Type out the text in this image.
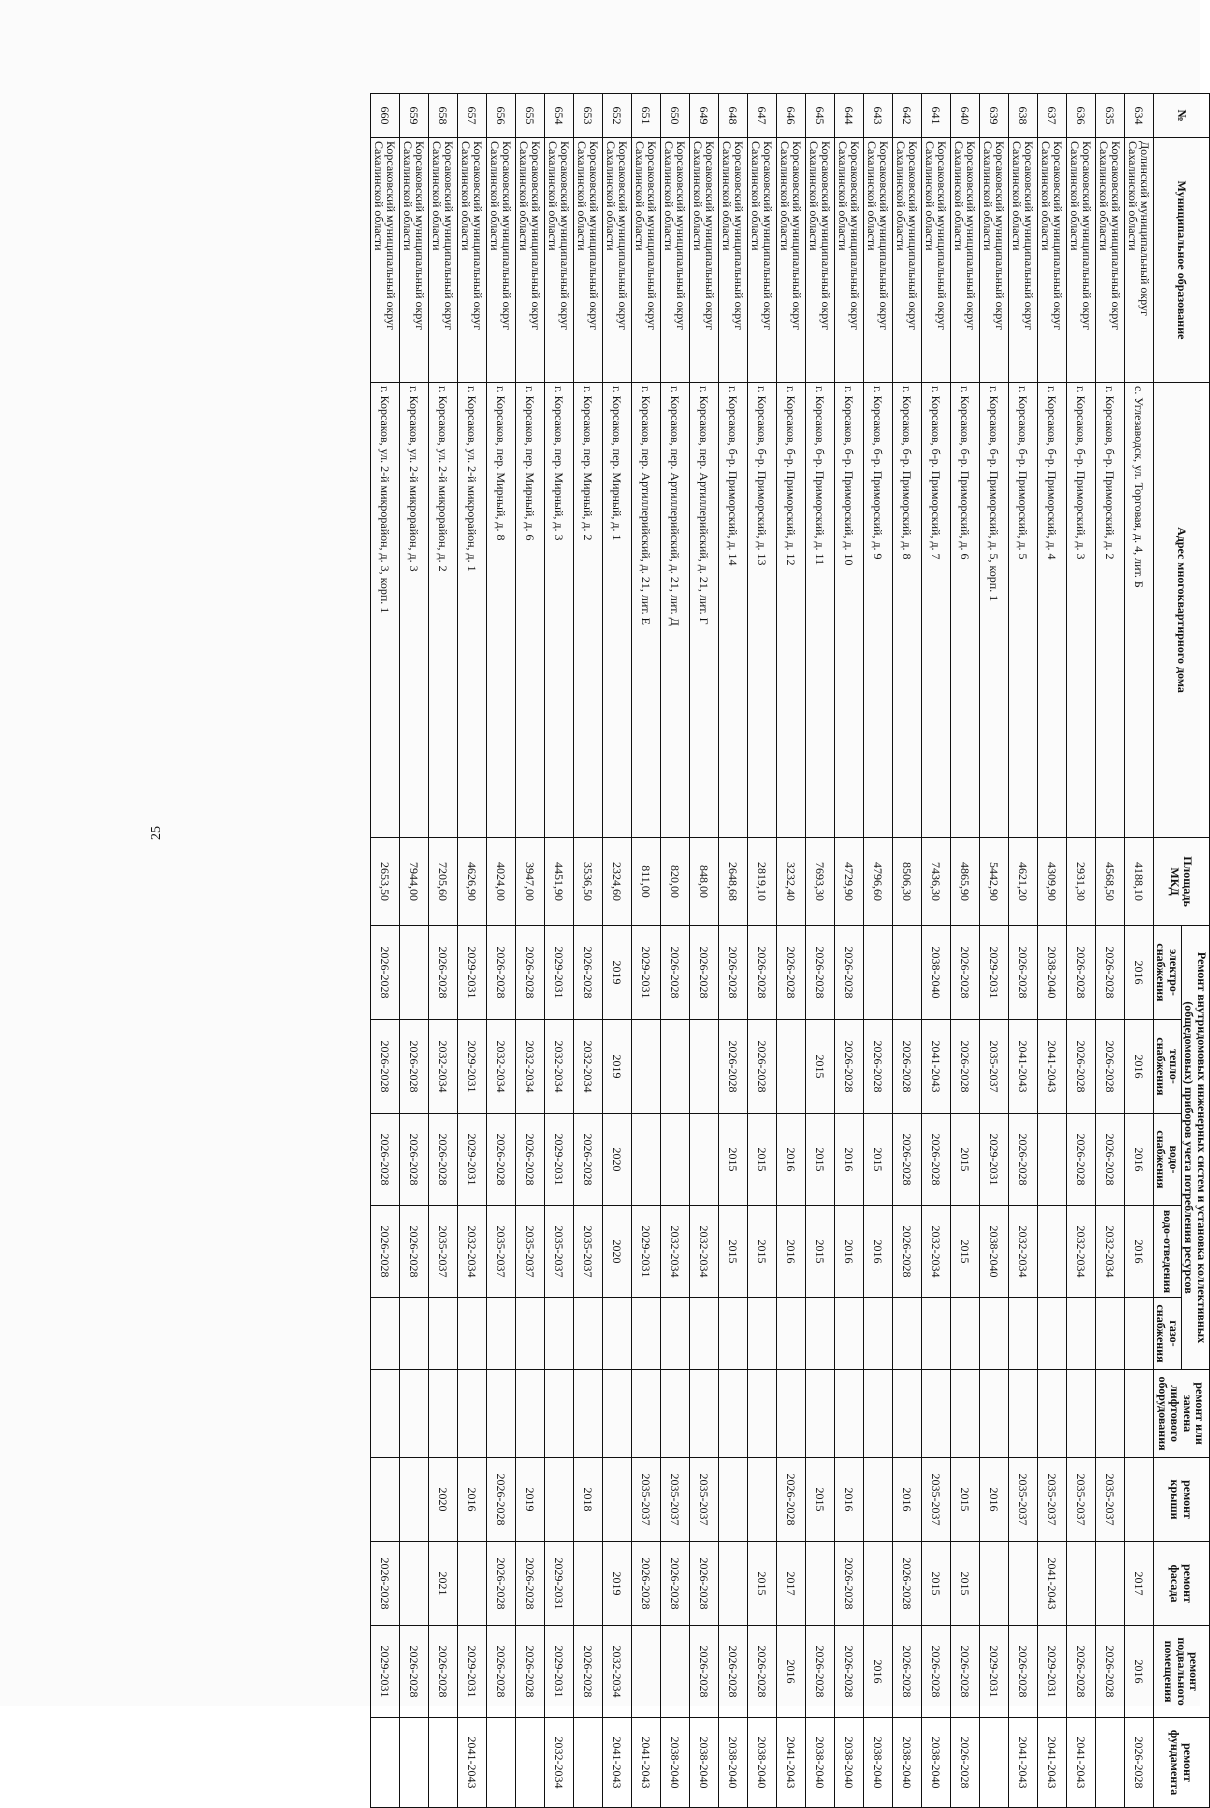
25
№	Муниципальное образование	Адрес многоквартирного дома	Площадь МКД	Ремонт внутридомовых инженерных систем и установка коллективных (общедомовых) приборов учета потребления ресурсов					ремонт или замена лифтового оборудования	ремонт крыши	ремонт фасада	ремонт подвального помещения	ремонт фундамента
				электро-снабжения	тепло-снабжения	водо-снабжения	водо-отведения	газо-снабжения					
634	Долинский муниципальный округ Сахалинской области	с. Углезаводск, ул. Торговая, д. 4, лит. Б	4188,10	2016	2016	2016	2016				2017	2016	2026-2028
635	Корсаковский муниципальный округ Сахалинской области	г. Корсаков, б-р. Приморский, д. 2	4568,50	2026-2028	2026-2028	2026-2028	2032-2034			2035-2037		2026-2028	
636	Корсаковский муниципальный округ Сахалинской области	г. Корсаков, б-р. Приморский, д. 3	2931,30	2026-2028	2026-2028	2026-2028	2032-2034			2035-2037		2026-2028	2041-2043
637	Корсаковский муниципальный округ Сахалинской области	г. Корсаков, б-р. Приморский, д. 4	4309,90	2038-2040	2041-2043					2035-2037	2041-2043	2029-2031	2041-2043
638	Корсаковский муниципальный округ Сахалинской области	г. Корсаков, б-р. Приморский, д. 5	4621,20	2026-2028	2041-2043	2026-2028	2032-2034			2035-2037		2026-2028	2041-2043
639	Корсаковский муниципальный округ Сахалинской области	г. Корсаков, б-р. Приморский, д. 5, корп. 1	5442,90	2029-2031	2035-2037	2029-2031	2038-2040			2016		2029-2031	
640	Корсаковский муниципальный округ Сахалинской области	г. Корсаков, б-р. Приморский, д. 6	4865,90	2026-2028	2026-2028	2015	2015			2015	2015	2026-2028	2026-2028
641	Корсаковский муниципальный округ Сахалинской области	г. Корсаков, б-р. Приморский, д. 7	7436,30	2038-2040	2041-2043	2026-2028	2032-2034			2035-2037	2015	2026-2028	2038-2040
642	Корсаковский муниципальный округ Сахалинской области	г. Корсаков, б-р. Приморский, д. 8	8506,30		2026-2028	2026-2028	2026-2028			2016	2026-2028	2026-2028	2038-2040
643	Корсаковский муниципальный округ Сахалинской области	г. Корсаков, б-р. Приморский, д. 9	4796,60		2026-2028	2015	2016					2016	2038-2040
644	Корсаковский муниципальный округ Сахалинской области	г. Корсаков, б-р. Приморский, д. 10	4729,90	2026-2028	2026-2028	2016	2016			2016	2026-2028	2026-2028	2038-2040
645	Корсаковский муниципальный округ Сахалинской области	г. Корсаков, б-р. Приморский, д. 11	7693,30	2026-2028	2015	2015	2015			2015		2026-2028	2038-2040
646	Корсаковский муниципальный округ Сахалинской области	г. Корсаков, б-р. Приморский, д. 12	3232,40	2026-2028		2016	2016			2026-2028	2017	2016	2041-2043
647	Корсаковский муниципальный округ Сахалинской области	г. Корсаков, б-р. Приморский, д. 13	2819,10	2026-2028	2026-2028	2015	2015				2015	2026-2028	2038-2040
648	Корсаковский муниципальный округ Сахалинской области	г. Корсаков, б-р. Приморский, д. 14	2648,68	2026-2028	2026-2028	2015	2015					2026-2028	2038-2040
649	Корсаковский муниципальный округ Сахалинской области	г. Корсаков, пер. Артиллерийский, д. 21, лит. Г	848,00	2026-2028			2032-2034			2035-2037	2026-2028	2026-2028	2038-2040
650	Корсаковский муниципальный округ Сахалинской области	г. Корсаков, пер. Артиллерийский, д. 21, лит. Д	820,00	2026-2028			2032-2034			2035-2037	2026-2028		2038-2040
651	Корсаковский муниципальный округ Сахалинской области	г. Корсаков, пер. Артиллерийский, д. 21, лит. Е	811,00	2029-2031			2029-2031			2035-2037	2026-2028		2041-2043
652	Корсаковский муниципальный округ Сахалинской области	г. Корсаков, пер. Мирный, д. 1	2324,60	2019	2019	2020	2020				2019	2032-2034	2041-2043
653	Корсаковский муниципальный округ Сахалинской области	г. Корсаков, пер. Мирный, д. 2	3536,50	2026-2028	2032-2034	2026-2028	2035-2037			2018		2026-2028	
654	Корсаковский муниципальный округ Сахалинской области	г. Корсаков, пер. Мирный, д. 3	4451,90	2029-2031	2032-2034	2029-2031	2035-2037				2029-2031	2029-2031	2032-2034
655	Корсаковский муниципальный округ Сахалинской области	г. Корсаков, пер. Мирный, д. 6	3947,00	2026-2028	2032-2034	2026-2028	2035-2037			2019	2026-2028	2026-2028	
656	Корсаковский муниципальный округ Сахалинской области	г. Корсаков, пер. Мирный, д. 8	4024,00	2026-2028	2032-2034	2026-2028	2035-2037			2026-2028	2026-2028	2026-2028	
657	Корсаковский муниципальный округ Сахалинской области	г. Корсаков, ул. 2-й микрорайон, д. 1	4626,90	2029-2031	2029-2031	2029-2031	2032-2034			2016		2029-2031	2041-2043
658	Корсаковский муниципальный округ Сахалинской области	г. Корсаков, ул. 2-й микрорайон, д. 2	7205,60	2026-2028	2032-2034	2026-2028	2035-2037			2020	2021	2026-2028	
659	Корсаковский муниципальный округ Сахалинской области	г. Корсаков, ул. 2-й микрорайон, д. 3	7944,00		2026-2028	2026-2028	2026-2028					2026-2028	
660	Корсаковский муниципальный округ Сахалинской области	г. Корсаков, ул. 2-й микрорайон, д. 3, корп. 1	2653,50	2026-2028	2026-2028	2026-2028	2026-2028				2026-2028	2029-2031	
